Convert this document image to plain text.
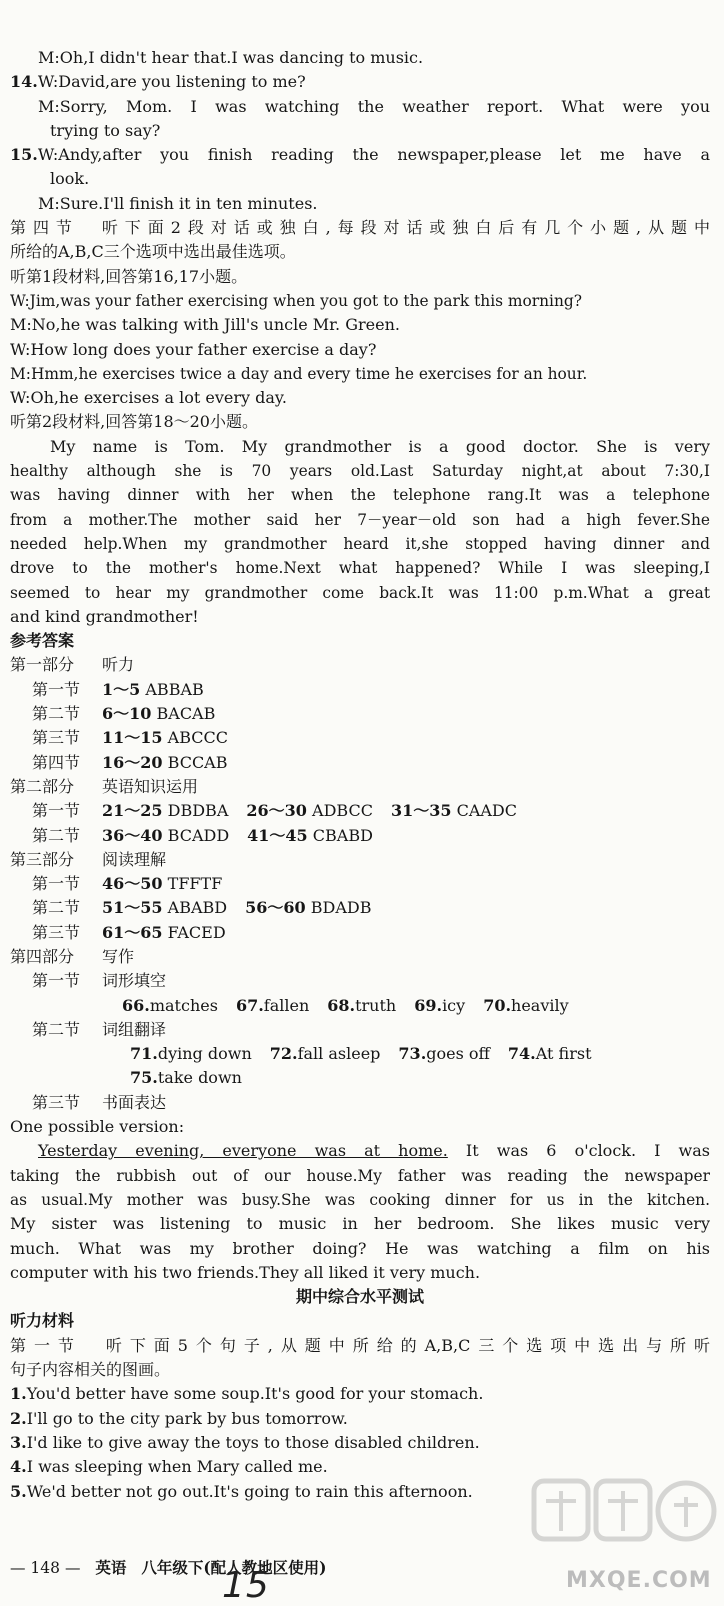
M:Oh,I didn't hear that.I was dancing to music.
14.W:David,are you listening to me?
M:Sorry, Mom. I was watching the weather report. What were you
trying to say?
15.W:Andy,after you finish reading the newspaper,please let me have a
look.
M:Sure.I'll finish it in ten minutes.
第四节　听下面2段对话或独白,每段对话或独白后有几个小题,从题中
所给的A,B,C三个选项中选出最佳选项。
听第1段材料,回答第16,17小题。
W:Jim,was your father exercising when you got to the park this morning?
M:No,he was talking with Jill's uncle Mr. Green.
W:How long does your father exercise a day?
M:Hmm,he exercises twice a day and every time he exercises for an hour.
W:Oh,he exercises a lot every day.
听第2段材料,回答第18～20小题。
My name is Tom. My grandmother is a good doctor. She is very
healthy although she is 70 years old.Last Saturday night,at about 7:30,I
was having dinner with her when the telephone rang.It was a telephone
from a mother.The mother said her 7－year－old son had a high fever.She
needed help.When my grandmother heard it,she stopped having dinner and
drove to the mother's home.Next what happened? While I was sleeping,I
seemed to hear my grandmother come back.It was 11:00 p.m.What a great
and kind grandmother!
参考答案
第一部分 听力
第一节 1～5 ABBAB
第二节 6～10 BACAB
第三节 11～15 ABCCC
第四节 16～20 BCCAB
第二部分 英语知识运用
第一节 21～25 DBDBA 26～30 ADBCC 31～35 CAADC
第二节 36～40 BCADD 41～45 CBABD
第三部分 阅读理解
第一节 46～50 TFFTF
第二节 51～55 ABABD 56～60 BDADB
第三节 61～65 FACED
第四部分 写作
第一节 词形填空
66.matches 67.fallen 68.truth 69.icy 70.heavily
第二节 词组翻译
71.dying down 72.fall asleep 73.goes off 74.At first
75.take down
第三节 书面表达
One possible version:
Yesterday evening, everyone was at home. It was 6 o'clock. I was
taking the rubbish out of our house.My father was reading the newspaper
as usual.My mother was busy.She was cooking dinner for us in the kitchen.
My sister was listening to music in her bedroom. She likes music very
much. What was my brother doing? He was watching a film on his
computer with his two friends.They all liked it very much.
期中综合水平测试
听力材料
第一节　听下面5个句子,从题中所给的A,B,C三个选项中选出与所听
句子内容相关的图画。
1.You'd better have some soup.It's good for your stomach.
2.I'll go to the city park by bus tomorrow.
3.I'd like to give away the toys to those disabled children.
4.I was sleeping when Mary called me.
5.We'd better not go out.It's going to rain this afternoon.
— 148 — 英语 八年级下(配人教地区使用)
15	MXQE.COM
